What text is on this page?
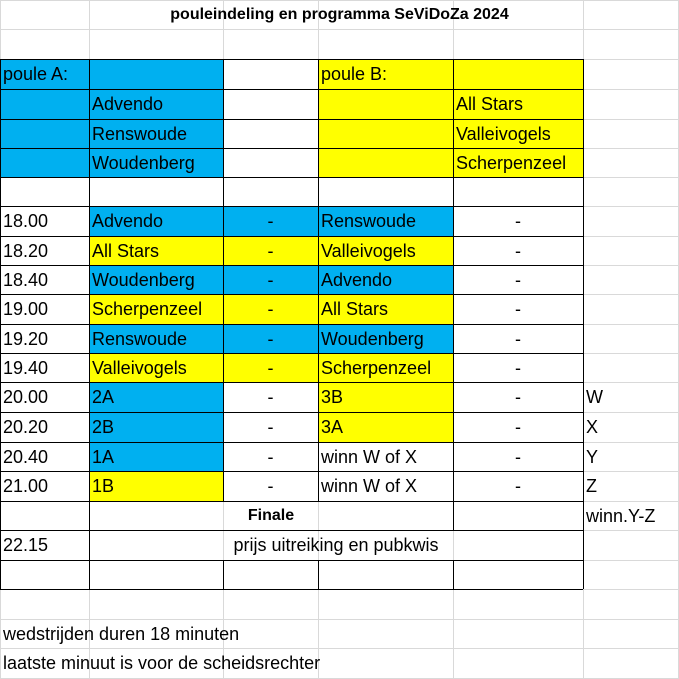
pouleindeling en programma SeViDoZa 2024
poule A:	poule B:
Advendo	All Stars
Renswoude	Valleivogels
Woudenberg	Scherpenzeel
18.00	Advendo	-	Renswoude	-
18.20	All Stars	-	Valleivogels	-
18.40	Woudenberg	-	Advendo	-
19.00	Scherpenzeel	-	All Stars	-
19.20	Renswoude	-	Woudenberg	-
19.40	Valleivogels	-	Scherpenzeel	-
20.00	2A	-	3B	-	W
20.20	2B	-	3A	-	X
20.40	1A	-	winn W of X	-	Y
21.00	1B	-	winn W of X	-	Z
Finale	winn.Y-Z
22.15	prijs uitreiking en pubkwis
wedstrijden duren 18 minuten
laatste minuut is voor de scheidsrechter
